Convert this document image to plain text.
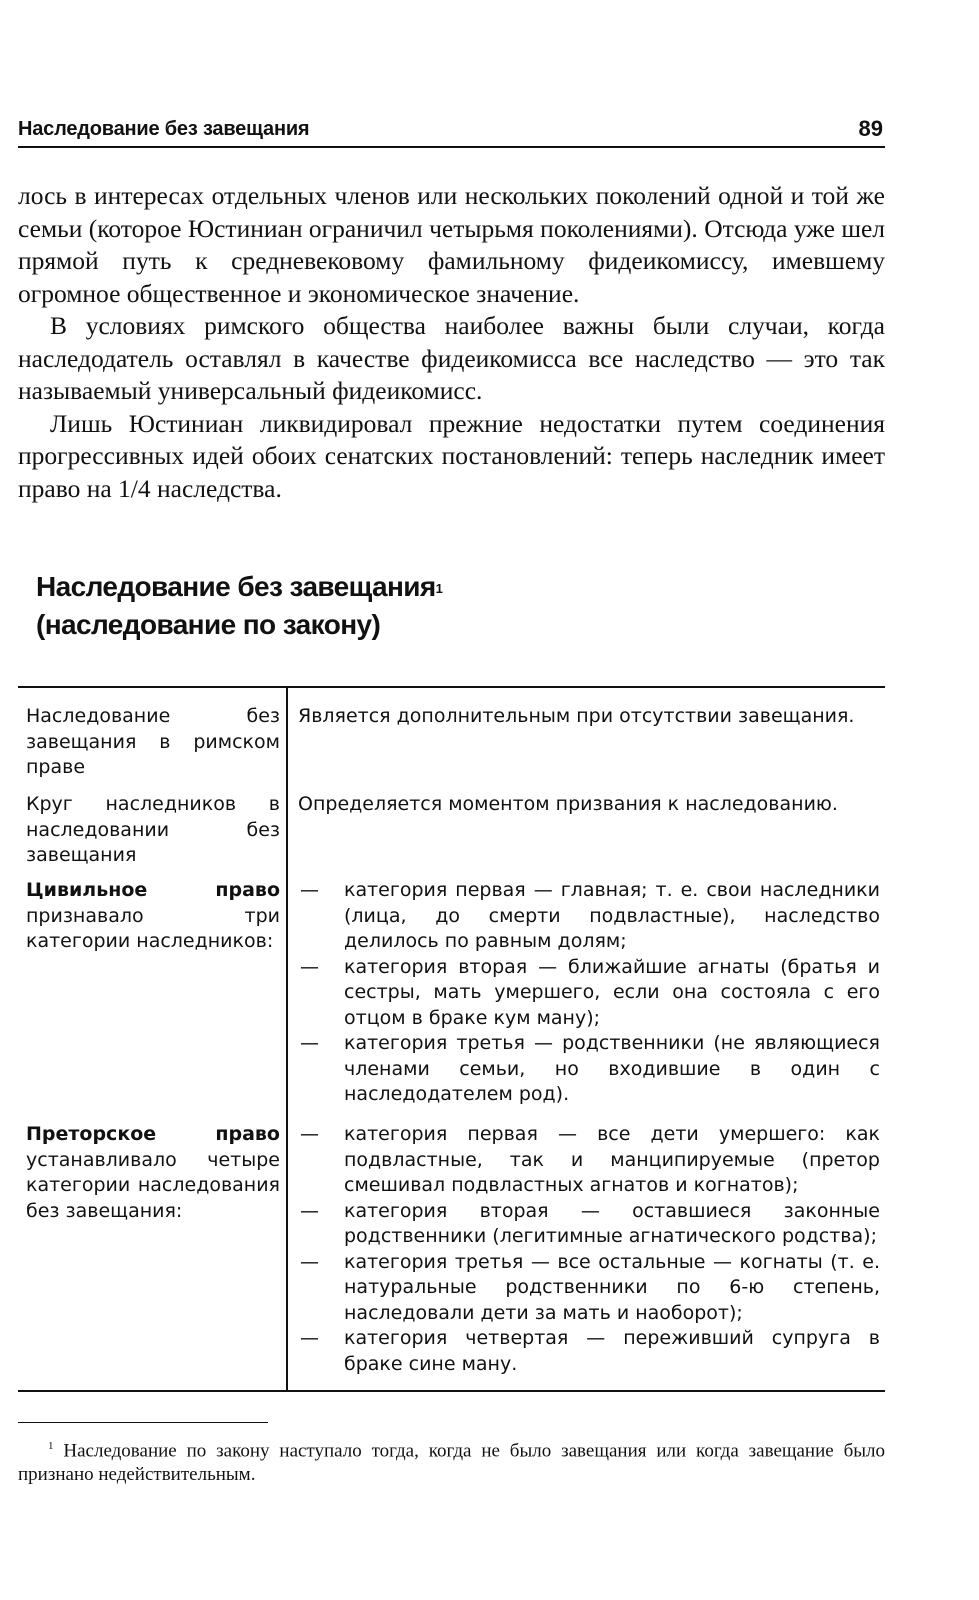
Наследование без завещания	89

лось в интересах отдельных членов или нескольких поколений одной и той же семьи (которое Юстиниан ограничил четырьмя поколениями). Отсюда уже шел прямой путь к средневековому фамильному фидеикомиссу, имевшему огромное общественное и экономическое значение.

В условиях римского общества наиболее важны были случаи, когда наследодатель оставлял в качестве фидеикомисса все наследство — это так называемый универсальный фидеикомисс.

Лишь Юстиниан ликвидировал прежние недостатки путем соединения прогрессивных идей обоих сенатских постановлений: теперь наследник имеет право на 1/4 наследства.

Наследование без завещания$^1$
(наследование по закону)
Наследование без завещания в римском праве
Является дополнительным при отсутствии завещания.
Круг наследников в наследовании без завещания
Определяется моментом призвания к наследованию.
Цивильное право признавало три категории наследников:
— категория первая — главная; т. е. свои наследники (лица, до смерти подвластные), наследство делилось по равным долям;
— категория вторая — ближайшие агнаты (братья и сестры, мать умершего, если она состояла с его отцом в браке кум ману);
— категория третья — родственники (не являющиеся членами семьи, но входившие в один с наследодателем род).
Преторское право устанавливало четыре категории наследования без завещания:
— категория первая — все дети умершего: как подвластные, так и манципируемые (претор смешивал подвластных агнатов и когнатов);
— категория вторая — оставшиеся законные родственники (легитимные агнатического родства);
— категория третья — все остальные — когнаты (т. е. натуральные родственники по 6-ю степень, наследовали дети за мать и наоборот);
— категория четвертая — переживший супруга в браке сине ману.
$^1$ Наследование по закону наступало тогда, когда не было завещания или когда завещание было признано недействительным.
